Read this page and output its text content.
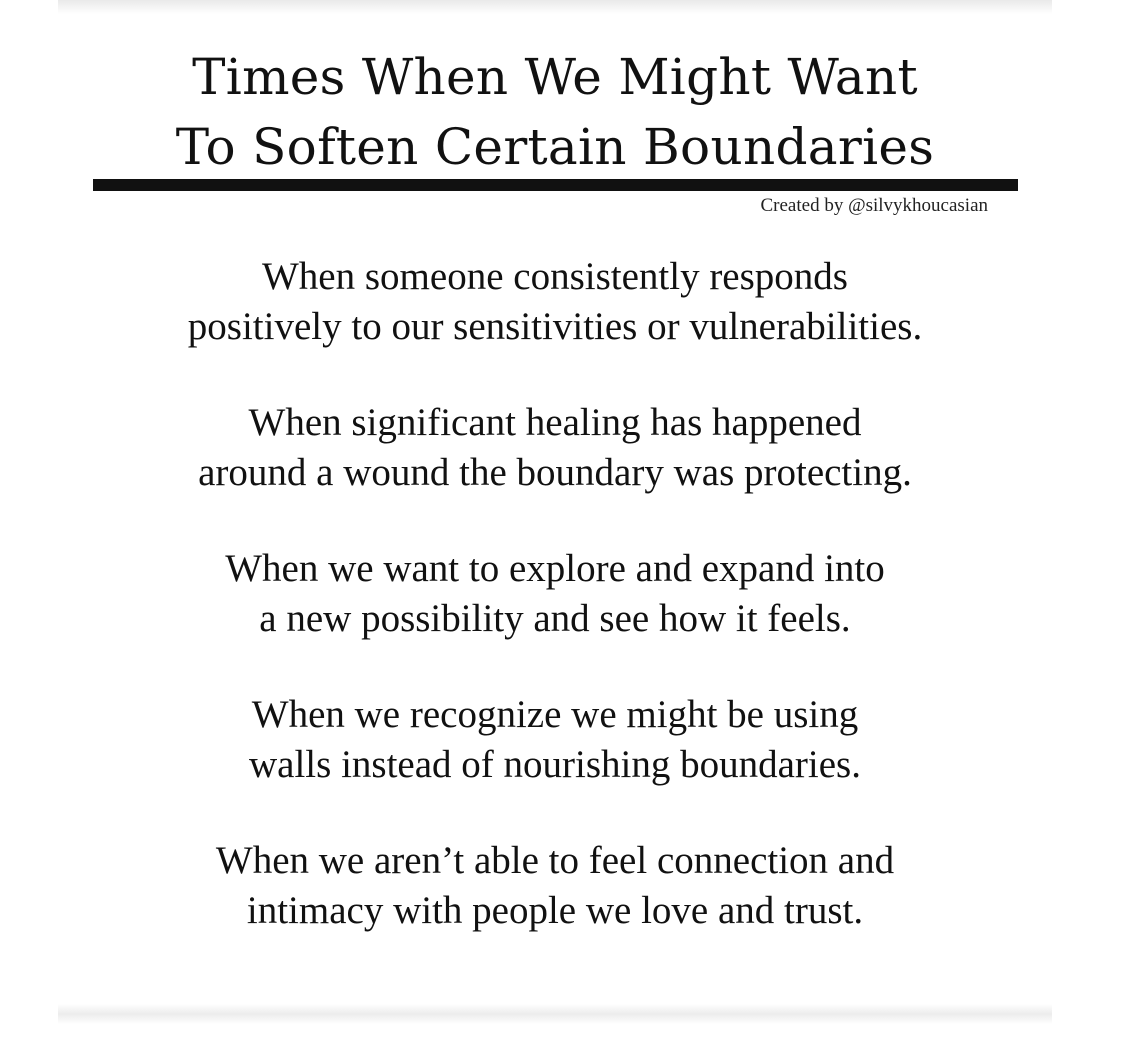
Times When We Might Want
To Soften Certain Boundaries
Created by @silvykhoucasian
When someone consistently responds
positively to our sensitivities or vulnerabilities.
When significant healing has happened
around a wound the boundary was protecting.
When we want to explore and expand into
a new possibility and see how it feels.
When we recognize we might be using
walls instead of nourishing boundaries.
When we aren’t able to feel connection and
intimacy with people we love and trust.
